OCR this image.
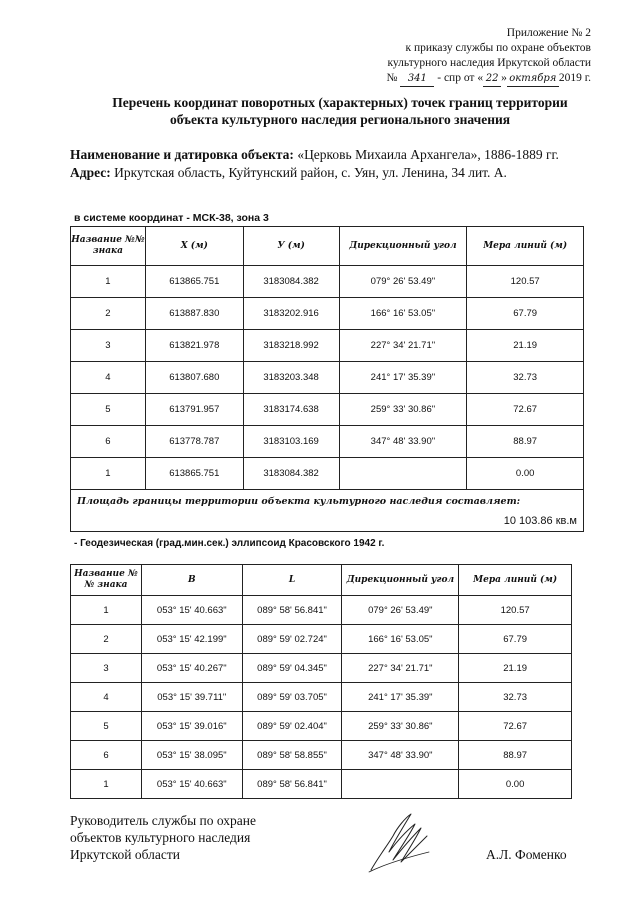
Приложение № 2
к приказу службы по охране объектов
культурного наследия Иркутской области
№ 341 - спр от « 22 » октября 2019 г.
Перечень координат поворотных (характерных) точек границ территории
объекта культурного наследия регионального значения
Наименование и датировка объекта: «Церковь Михаила Архангела», 1886-1889 гг.
Адрес: Иркутская область, Куйтунский район, с. Уян, ул. Ленина, 34 лит. А.
в системе координат - МСК-38, зона 3
Название №№ знака	X (м)	У (м)	Дирекционный угол	Мера линий (м)
1	613865.751	3183084.382	079° 26' 53.49"	120.57
2	613887.830	3183202.916	166° 16' 53.05"	67.79
3	613821.978	3183218.992	227° 34' 21.71"	21.19
4	613807.680	3183203.348	241° 17' 35.39"	32.73
5	613791.957	3183174.638	259° 33' 30.86"	72.67
6	613778.787	3183103.169	347° 48' 33.90"	88.97
1	613865.751	3183084.382		0.00

Площадь границы территории объекта культурного наследия составляет:
10 103.86 кв.м				
- Геодезическая (град.мин.сек.) эллипсоид Красовского 1942 г.
Название №№ знака	B	L	Дирекционный угол	Мера линий (м)
1	053° 15' 40.663"	089° 58' 56.841"	079° 26' 53.49"	120.57
2	053° 15' 42.199"	089° 59' 02.724"	166° 16' 53.05"	67.79
3	053° 15' 40.267"	089° 59' 04.345"	227° 34' 21.71"	21.19
4	053° 15' 39.711"	089° 59' 03.705"	241° 17' 35.39"	32.73
5	053° 15' 39.016"	089° 59' 02.404"	259° 33' 30.86"	72.67
6	053° 15' 38.095"	089° 58' 58.855"	347° 48' 33.90"	88.97
1	053° 15' 40.663"	089° 58' 56.841"		0.00
Руководитель службы по охране
объектов культурного наследия
Иркутской области	А.Л. Фоменко
